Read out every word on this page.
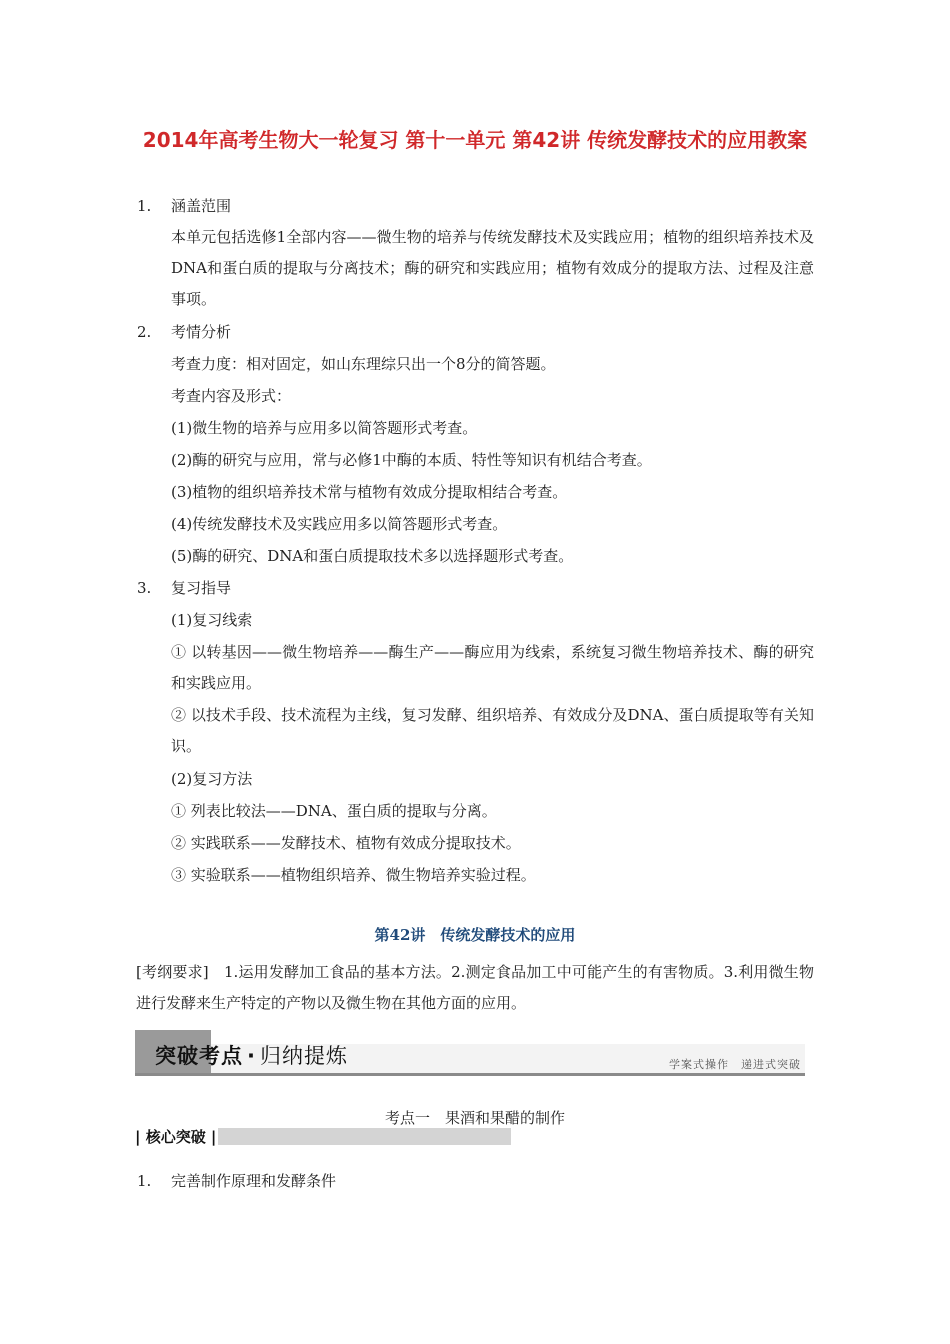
2014年高考生物大一轮复习 第十一单元 第42讲 传统发酵技术的应用教案
1.	涵盖范围
本单元包括选修1全部内容——微生物的培养与传统发酵技术及实践应用；植物的组织培养技术及DNA和蛋白质的提取与分离技术；酶的研究和实践应用；植物有效成分的提取方法、过程及注意事项。
2.	考情分析
考查力度：相对固定，如山东理综只出一个8分的简答题。
考查内容及形式：
(1)微生物的培养与应用多以简答题形式考查。
(2)酶的研究与应用，常与必修1中酶的本质、特性等知识有机结合考查。
(3)植物的组织培养技术常与植物有效成分提取相结合考查。
(4)传统发酵技术及实践应用多以简答题形式考查。
(5)酶的研究、DNA和蛋白质提取技术多以选择题形式考查。
3.	复习指导
(1)复习线索
① 以转基因——微生物培养——酶生产——酶应用为线索，系统复习微生物培养技术、酶的研究和实践应用。
② 以技术手段、技术流程为主线，复习发酵、组织培养、有效成分及DNA、蛋白质提取等有关知识。
(2)复习方法
① 列表比较法——DNA、蛋白质的提取与分离。
② 实践联系——发酵技术、植物有效成分提取技术。
③ 实验联系——植物组织培养、微生物培养实验过程。
第42讲　传统发酵技术的应用
[考纲要求]　1.运用发酵加工食品的基本方法。2.测定食品加工中可能产生的有害物质。3.利用微生物进行发酵来生产特定的产物以及微生物在其他方面的应用。
突破考点 · 归纳提炼	学案式操作　递进式突破
考点一　果酒和果醋的制作
| 核心突破 |
1.	完善制作原理和发酵条件
